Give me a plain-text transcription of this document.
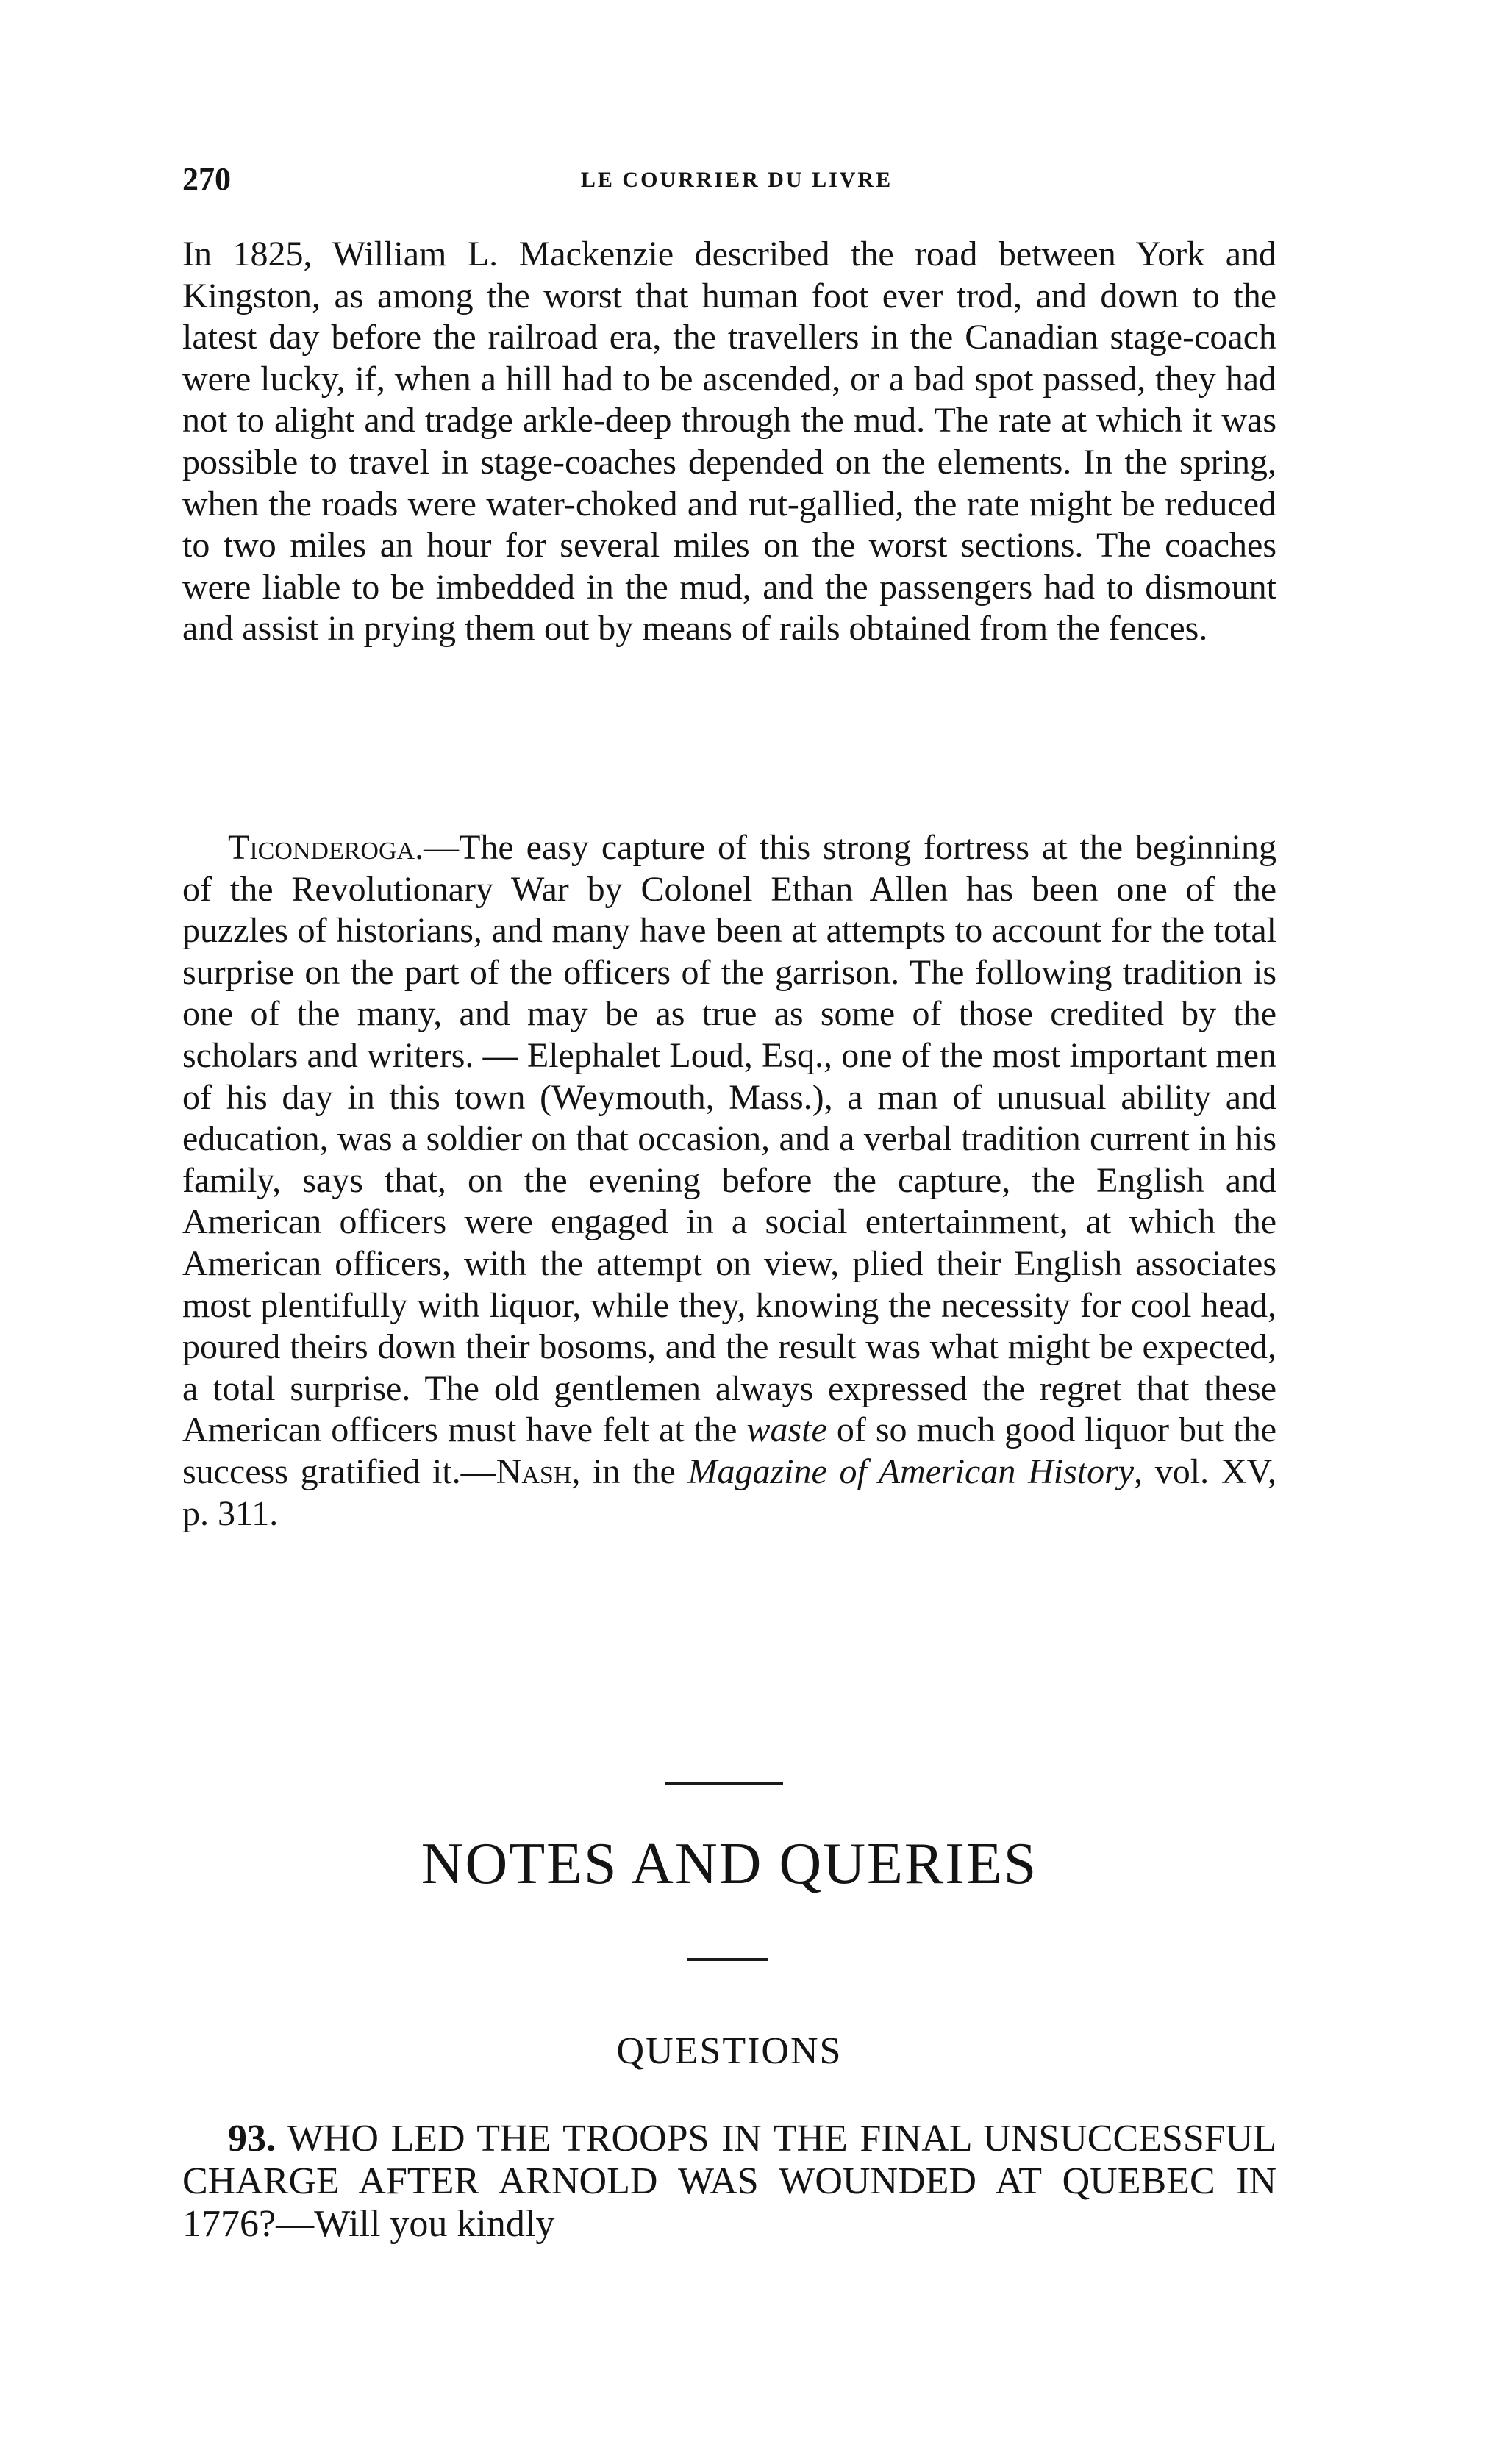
270	LE COURRIER DU LIVRE

In 1825, William L. Mackenzie described the road between York and Kingston, as among the worst that human foot ever trod, and down to the latest day before the railroad era, the travellers in the Canadian stage-coach were lucky, if, when a hill had to be ascended, or a bad spot passed, they had not to alight and tradge arkle-deep through the mud. The rate at which it was possible to travel in stage-coaches depended on the elements. In the spring, when the roads were water-choked and rut-gallied, the rate might be reduced to two miles an hour for several miles on the worst sections. The coaches were liable to be imbedded in the mud, and the passengers had to dismount and assist in prying them out by means of rails obtained from the fences.

Ticonderoga.—The easy capture of this strong fortress at the beginning of the Revolutionary War by Colonel Ethan Allen has been one of the puzzles of historians, and many have been at attempts to account for the total surprise on the part of the officers of the garrison. The following tradition is one of the many, and may be as true as some of those credited by the scholars and writers. — Elephalet Loud, Esq., one of the most important men of his day in this town (Weymouth, Mass.), a man of unusual ability and education, was a soldier on that occasion, and a verbal tradition current in his family, says that, on the evening before the capture, the English and American officers were engaged in a social entertainment, at which the American officers, with the attempt on view, plied their English associates most plentifully with liquor, while they, knowing the necessity for cool head, poured theirs down their bosoms, and the result was what might be expected, a total surprise. The old gentlemen always expressed the regret that these American officers must have felt at the waste of so much good liquor but the success gratified it.—Nash, in the Magazine of American History, vol. XV, p. 311.

NOTES AND QUERIES
QUESTIONS

93. WHO LED THE TROOPS IN THE FINAL UNSUCCESSFUL CHARGE AFTER ARNOLD WAS WOUNDED AT QUEBEC IN 1776?—Will you kindly
